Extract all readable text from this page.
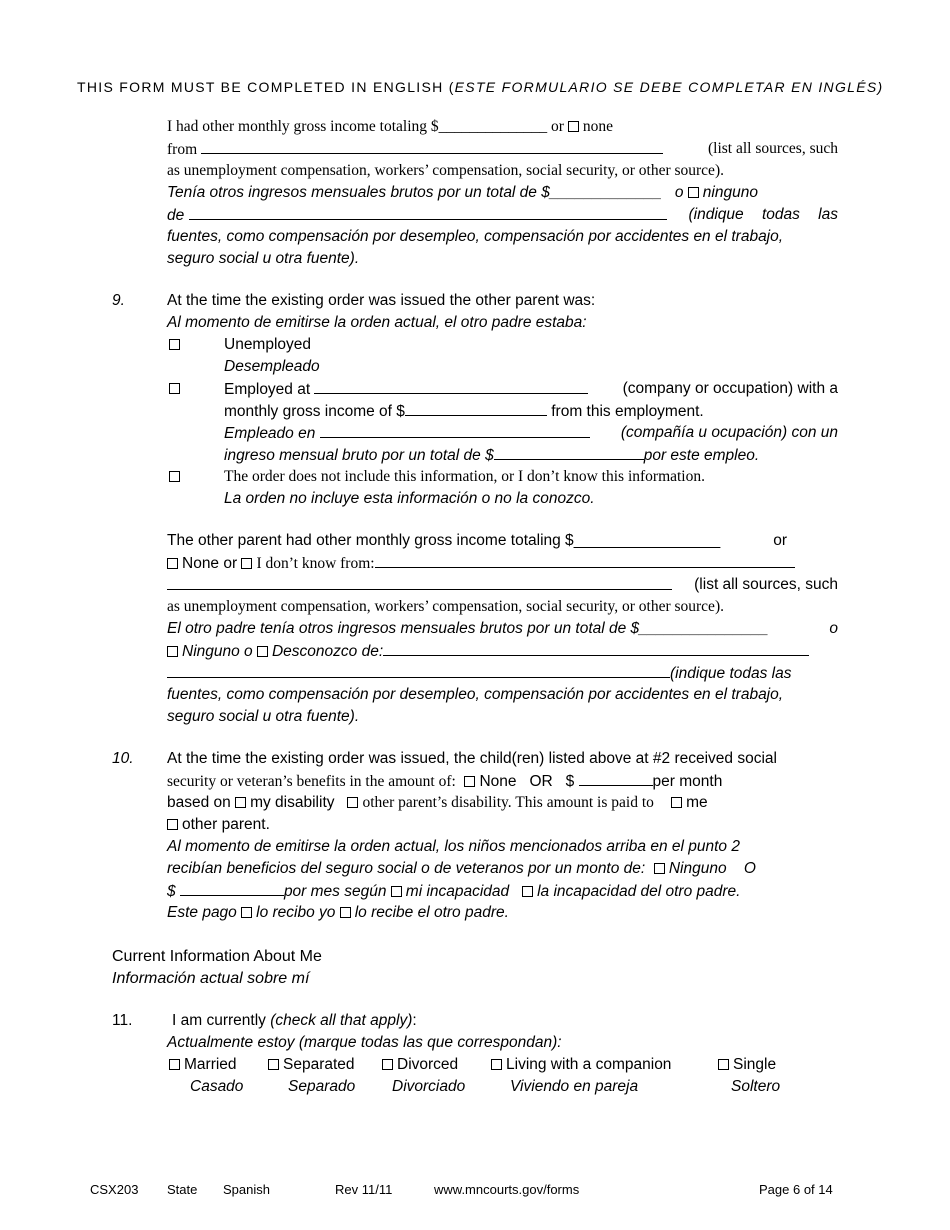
THIS FORM MUST BE COMPLETED IN ENGLISH (ESTE FORMULARIO SE DEBE COMPLETAR EN INGLÉS)
I had other monthly gross income totaling $______________ or none
from	(list all sources, such
as unemployment compensation, workers’ compensation, social security, or other source).
Tenía otros ingresos mensuales brutos por un total de $_____________ o ninguno
de	(indique todas las
fuentes, como compensación por desempleo, compensación por accidentes en el trabajo,
seguro social u otra fuente).
9.	At the time the existing order was issued the other parent was:
Al momento de emitirse la orden actual, el otro padre estaba:
Unemployed
Desempleado
Employed at	(company or occupation) with a
monthly gross income of $	from this employment.
Empleado en	(compañía u ocupación) con un
ingreso mensual bruto por un total de $	por este empleo.
The order does not include this information, or I don’t know this information.
La orden no incluye esta información o no la conozco.
The other parent had other monthly gross income totaling $_________________	or
None or I don’t know from:
(list all sources, such
as unemployment compensation, workers’ compensation, social security, or other source).
El otro padre tenía otros ingresos mensuales brutos por un total de $_______________	o
Ninguno o Desconozco de:
(indique todas las
fuentes, como compensación por desempleo, compensación por accidentes en el trabajo,
seguro social u otra fuente).
10. At the time the existing order was issued, the child(ren) listed above at #2 received social
security or veteran’s benefits in the amount of: None OR $	per month
based on my disability other parent’s disability. This amount is paid to me
other parent.
Al momento de emitirse la orden actual, los niños mencionados arriba en el punto 2
recibían beneficios del seguro social o de veteranos por un monto de: Ninguno O
$	por mes según mi incapacidad la incapacidad del otro padre.
Este pago lo recibo yo lo recibe el otro padre.
Current Information About Me
Información actual sobre mí
11.	I am currently (check all that apply):
Actualmente estoy (marque todas las que correspondan):
Married
Casado
Separated
Separado
Divorced
Divorciado
Living with a companion
Viviendo en pareja
Single
Soltero
CSX203 State Spanish	Rev 11/11	www.mncourts.gov/forms	Page 6 of 14
